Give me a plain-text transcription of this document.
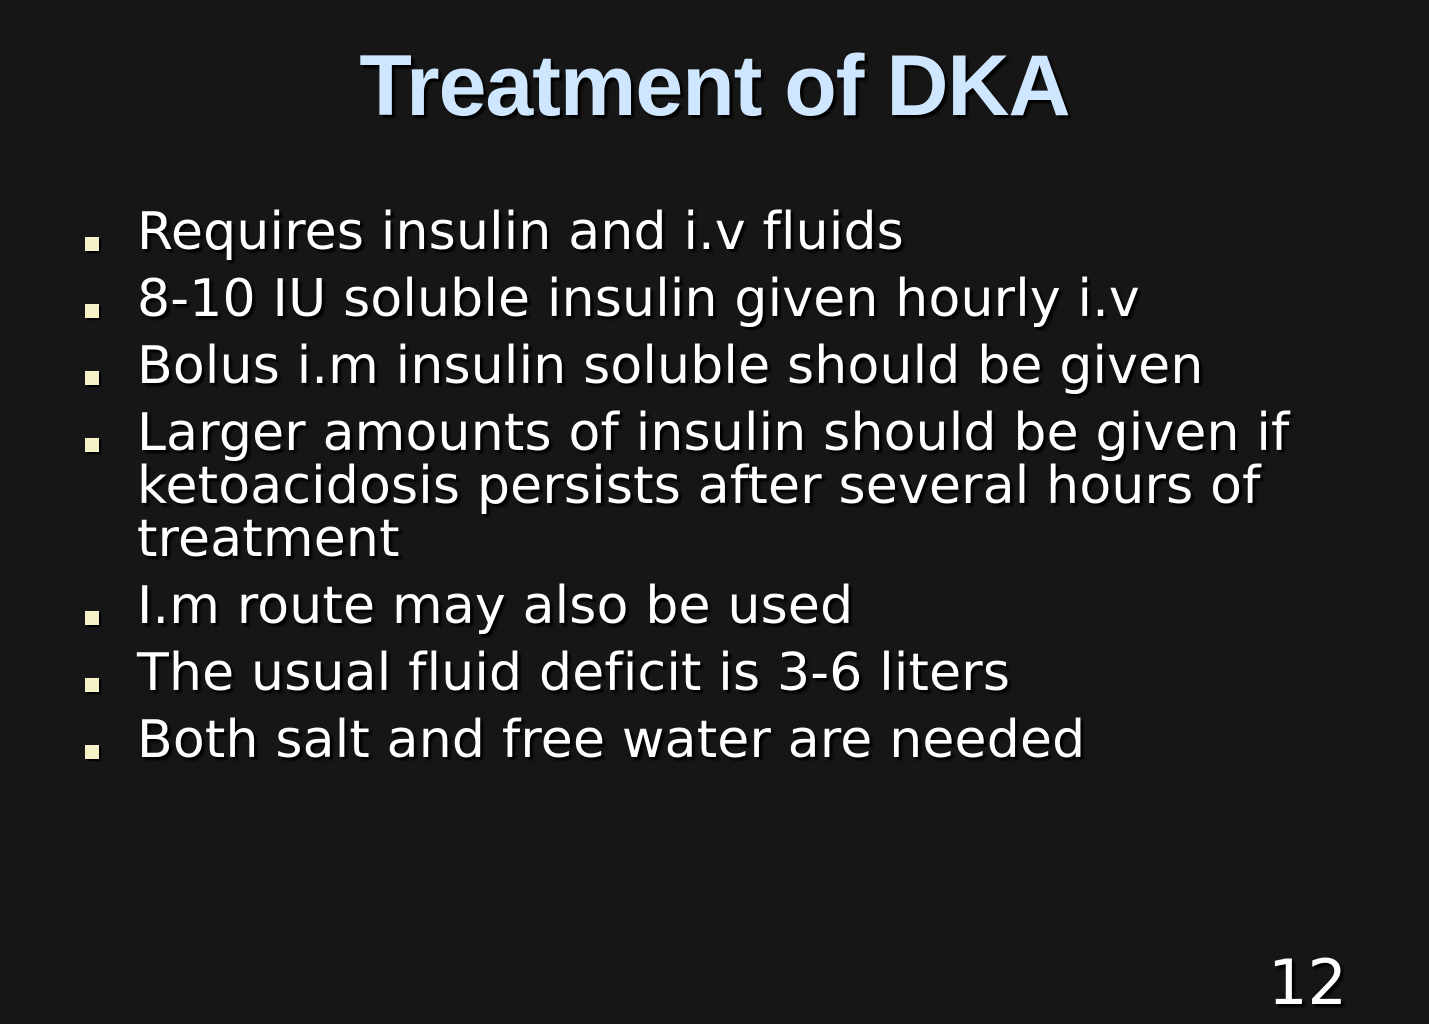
Treatment of DKA
Requires insulin and i.v fluids
8-10 IU soluble insulin given hourly i.v
Bolus i.m insulin soluble should be given
Larger amounts of insulin should be given if ketoacidosis persists after several hours of treatment
I.m route may also be used
The usual fluid deficit is 3-6 liters
Both salt and free water are needed
12
